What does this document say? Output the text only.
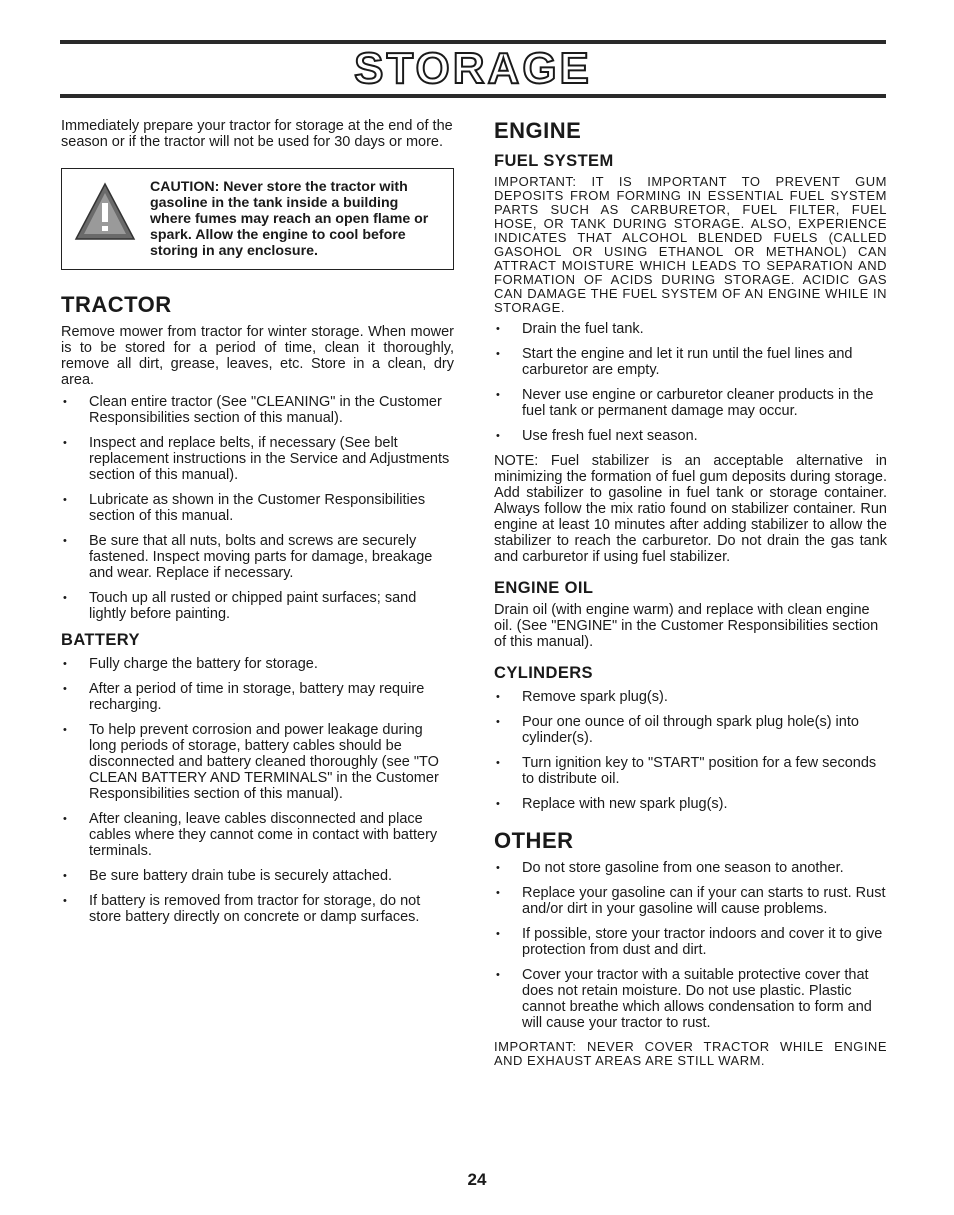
STORAGE

Immediately prepare your tractor for storage at the end of the season or if the tractor will not be used for 30 days or more.

CAUTION: Never store the tractor with gasoline in the tank inside a building where fumes may reach an open flame or spark. Allow the engine to cool before storing in any enclosure.
TRACTOR

Remove mower from tractor for winter storage. When mower is to be stored for a period of time, clean it thoroughly, remove all dirt, grease, leaves, etc. Store in a clean, dry area.

• Clean entire tractor (See "CLEANING" in the Customer Responsibilities section of this manual).
• Inspect and replace belts, if necessary (See belt replacement instructions in the Service and Adjustments section of this manual).
• Lubricate as shown in the Customer Responsibilities section of this manual.
• Be sure that all nuts, bolts and screws are securely fastened. Inspect moving parts for damage, breakage and wear. Replace if necessary.
• Touch up all rusted or chipped paint surfaces; sand lightly before painting.
BATTERY
• Fully charge the battery for storage.
• After a period of time in storage, battery may require recharging.
• To help prevent corrosion and power leakage during long periods of storage, battery cables should be disconnected and battery cleaned thoroughly (see "TO CLEAN BATTERY AND TERMINALS" in the Customer Responsibilities section of this manual).
• After cleaning, leave cables disconnected and place cables where they cannot come in contact with battery terminals.
• Be sure battery drain tube is securely attached.
• If battery is removed from tractor for storage, do not store battery directly on concrete or damp surfaces.
ENGINE
FUEL SYSTEM

IMPORTANT: IT IS IMPORTANT TO PREVENT GUM DEPOSITS FROM FORMING IN ESSENTIAL FUEL SYSTEM PARTS SUCH AS CARBURETOR, FUEL FILTER, FUEL HOSE, OR TANK DURING STORAGE. ALSO, EXPERIENCE INDICATES THAT ALCOHOL BLENDED FUELS (CALLED GASOHOL OR USING ETHANOL OR METHANOL) CAN ATTRACT MOISTURE WHICH LEADS TO SEPARATION AND FORMATION OF ACIDS DURING STORAGE. ACIDIC GAS CAN DAMAGE THE FUEL SYSTEM OF AN ENGINE WHILE IN STORAGE.

• Drain the fuel tank.
• Start the engine and let it run until the fuel lines and carburetor are empty.
• Never use engine or carburetor cleaner products in the fuel tank or permanent damage may occur.
• Use fresh fuel next season.

NOTE: Fuel stabilizer is an acceptable alternative in minimizing the formation of fuel gum deposits during storage. Add stabilizer to gasoline in fuel tank or storage container. Always follow the mix ratio found on stabilizer container. Run engine at least 10 minutes after adding stabilizer to allow the stabilizer to reach the carburetor. Do not drain the gas tank and carburetor if using fuel stabilizer.

ENGINE OIL

Drain oil (with engine warm) and replace with clean engine oil. (See "ENGINE" in the Customer Responsibilities section of this manual).

CYLINDERS
• Remove spark plug(s).
• Pour one ounce of oil through spark plug hole(s) into cylinder(s).
• Turn ignition key to "START" position for a few seconds to distribute oil.
• Replace with new spark plug(s).
OTHER
• Do not store gasoline from one season to another.
• Replace your gasoline can if your can starts to rust. Rust and/or dirt in your gasoline will cause problems.
• If possible, store your tractor indoors and cover it to give protection from dust and dirt.
• Cover your tractor with a suitable protective cover that does not retain moisture. Do not use plastic. Plastic cannot breathe which allows condensation to form and will cause your tractor to rust.

IMPORTANT: NEVER COVER TRACTOR WHILE ENGINE AND EXHAUST AREAS ARE STILL WARM.

24
